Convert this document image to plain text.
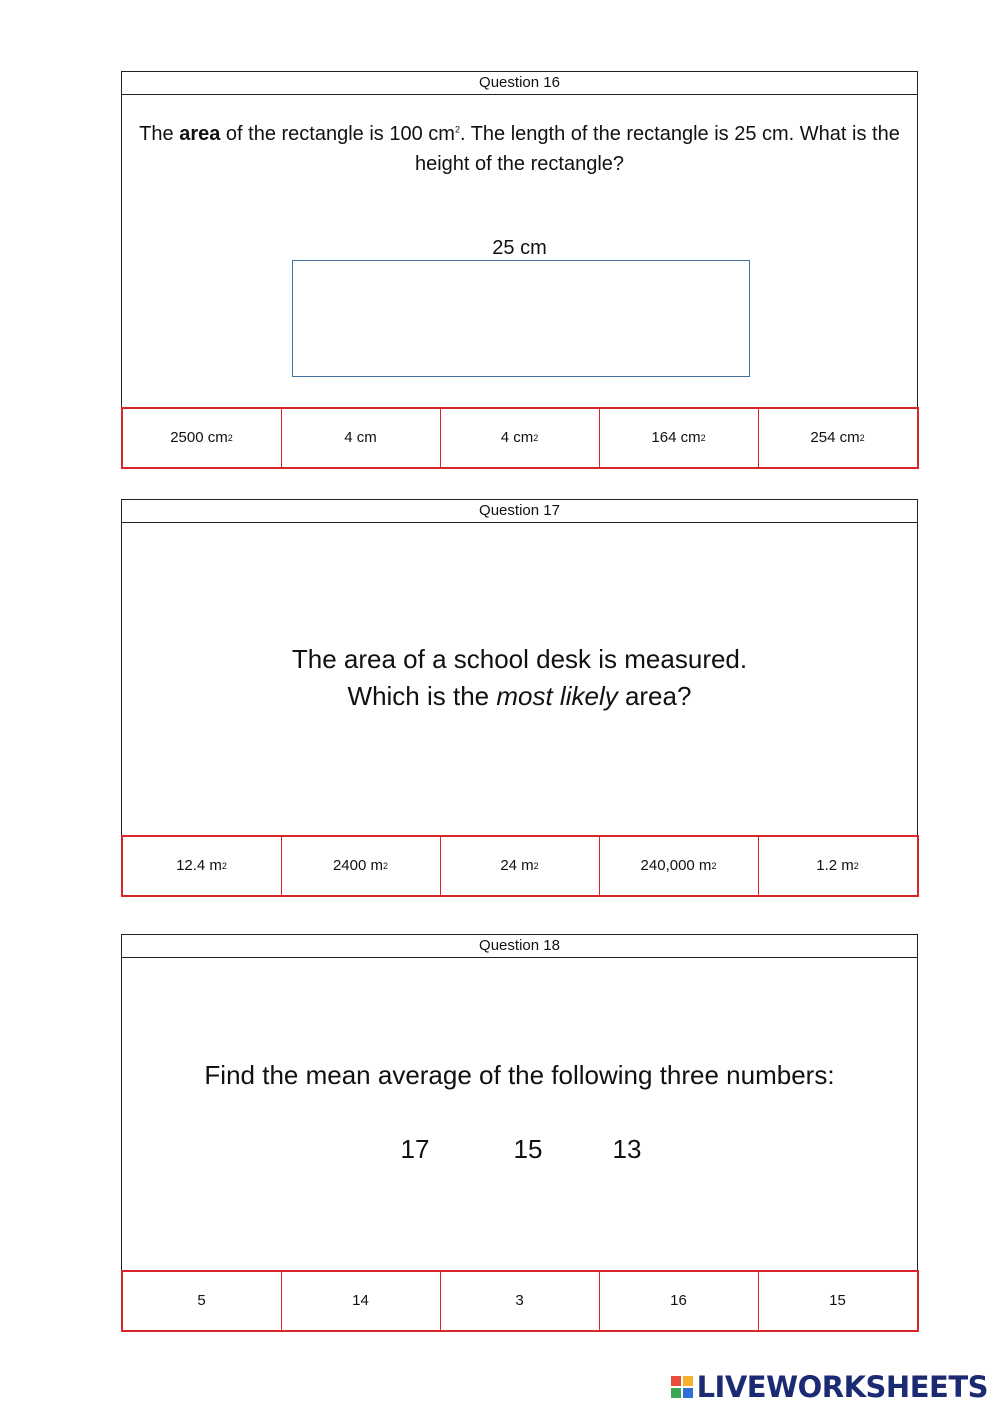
Question 16
The area of the rectangle is 100 $cm^2$. The length of the rectangle is 25 cm. What is the height of the rectangle?
25 cm
2500 cm 2	4 cm	4 cm 2	164 cm 2	254 cm 2
Question 17
The area of a school desk is measured.
Which is the most likely area?
12.4 m 2	2400 m 2	24 m 2	240,000 m 2	1.2 m 2
Question 18
Find the mean average of the following three numbers:
17	15	13
5	14	3	16	15
LIVEWORKSHEETS
